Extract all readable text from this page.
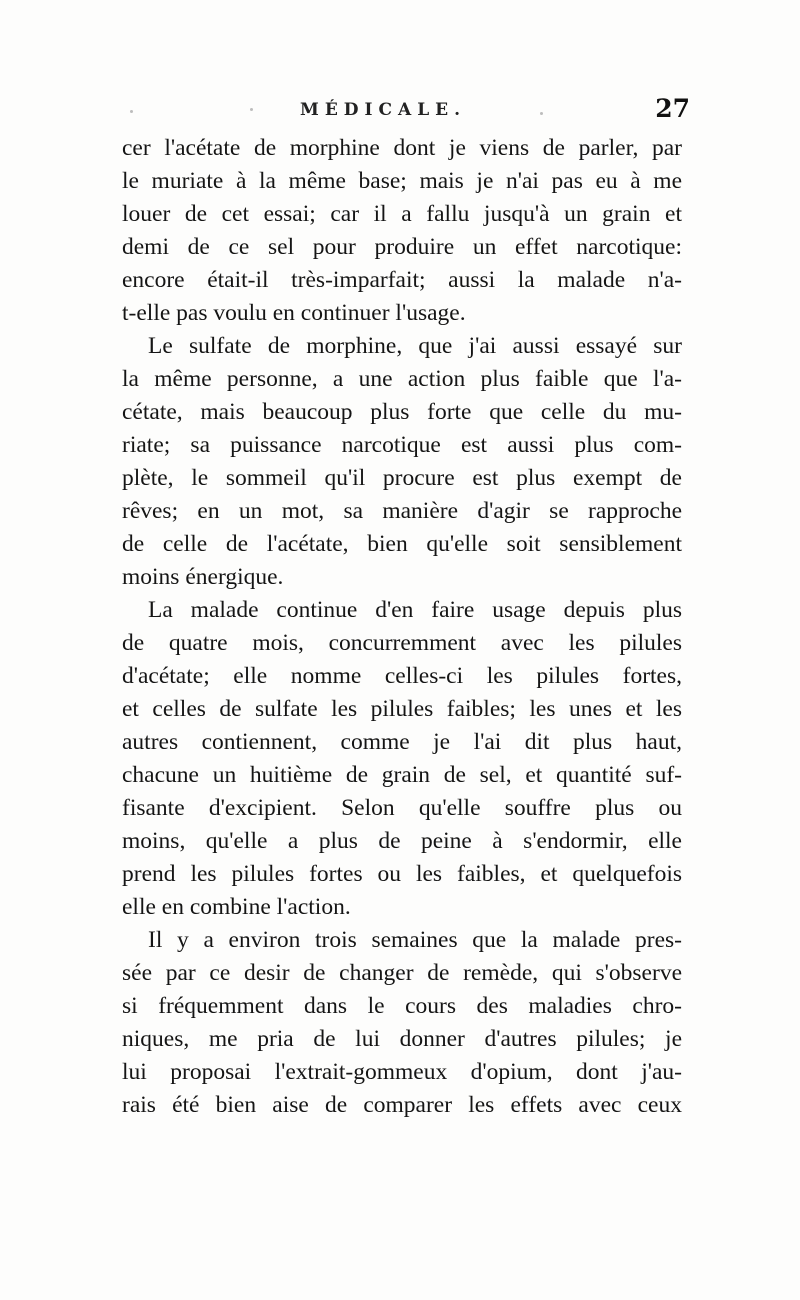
MÉDICALE.	27
cer l'acétate de morphine dont je viens de parler, par
le muriate à la même base; mais je n'ai pas eu à me
louer de cet essai; car il a fallu jusqu'à un grain et
demi de ce sel pour produire un effet narcotique:
encore était-il très-imparfait; aussi la malade n'a-
t-elle pas voulu en continuer l'usage.
Le sulfate de morphine, que j'ai aussi essayé sur
la même personne, a une action plus faible que l'a-
cétate, mais beaucoup plus forte que celle du mu-
riate; sa puissance narcotique est aussi plus com-
plète, le sommeil qu'il procure est plus exempt de
rêves; en un mot, sa manière d'agir se rapproche
de celle de l'acétate, bien qu'elle soit sensiblement
moins énergique.
La malade continue d'en faire usage depuis plus
de quatre mois, concurremment avec les pilules
d'acétate; elle nomme celles-ci les pilules fortes,
et celles de sulfate les pilules faibles; les unes et les
autres contiennent, comme je l'ai dit plus haut,
chacune un huitième de grain de sel, et quantité suf-
fisante d'excipient. Selon qu'elle souffre plus ou
moins, qu'elle a plus de peine à s'endormir, elle
prend les pilules fortes ou les faibles, et quelquefois
elle en combine l'action.
Il y a environ trois semaines que la malade pres-
sée par ce desir de changer de remède, qui s'observe
si fréquemment dans le cours des maladies chro-
niques, me pria de lui donner d'autres pilules; je
lui proposai l'extrait-gommeux d'opium, dont j'au-
rais été bien aise de comparer les effets avec ceux
